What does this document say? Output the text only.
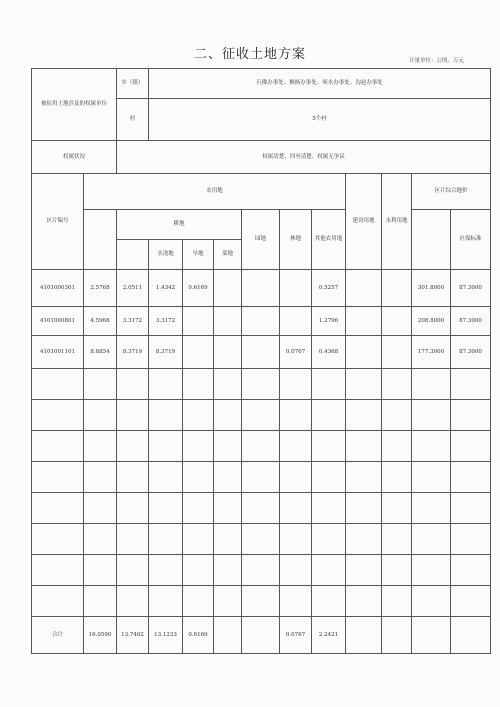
二、征收土地方案	计量单位：公顷、万元
被征用土地涉及的权属单位		乡（镇）	石佛办事处、枫杨办事处、须水办事处、沟赵办事处									
		村	5个村									
权属状况		权属清楚、四至清楚、权属无争议										
区片编号	农用地								建设用地	未利用地	区片综合地价	
		耕地				园地	林地	其他农用地				社保标准
			水浇地	旱地	菜地							
4101000301	2.5768	2.0511	1.4342	0.6169				0.5257			301.8000	87.3000
4101000801	4.5968	3.3172	3.3172					1.2796			208.8000	87.3000
4101001101	8.8854	8.3719	8.3719				0.0767	0.4368			177.3000	87.3000

合计	16.0590	13.7402	13.1233	0.6169			0.0767	2.2421				
